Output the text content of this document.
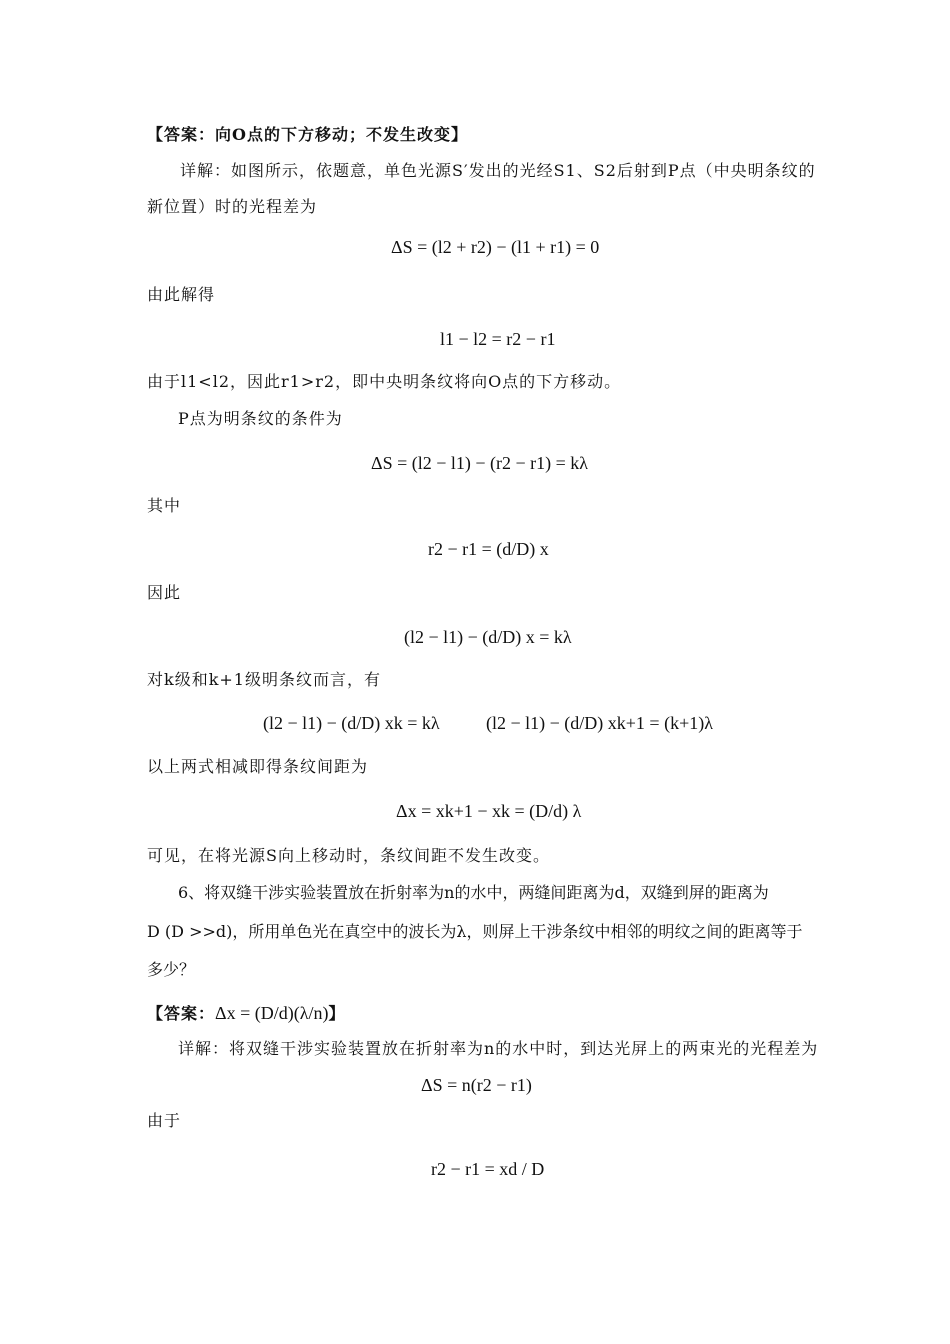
【答案：向O点的下方移动；不发生改变】
详解：如图所示，依题意，单色光源S′发出的光经S1、S2后射到P点（中央明条纹的
新位置）时的光程差为
ΔS = (l2 + r2) − (l1 + r1) = 0
由此解得
l1 − l2 = r2 − r1
由于l1<l2，因此r1>r2，即中央明条纹将向O点的下方移动。
P点为明条纹的条件为
ΔS = (l2 − l1) − (r2 − r1) = kλ
其中
r2 − r1 = (d/D) x
因此
(l2 − l1) − (d/D) x = kλ
对k级和k+1级明条纹而言，有
(l2 − l1) − (d/D) xk = kλ	(l2 − l1) − (d/D) xk+1 = (k+1)λ
以上两式相减即得条纹间距为
Δx = xk+1 − xk = (D/d) λ
可见，在将光源S向上移动时，条纹间距不发生改变。
6、将双缝干涉实验装置放在折射率为n的水中，两缝间距离为d，双缝到屏的距离为
D (D >>d)，所用单色光在真空中的波长为λ，则屏上干涉条纹中相邻的明纹之间的距离等于
多少？
【答案：Δx = (D/d)(λ/n)】
详解：将双缝干涉实验装置放在折射率为n的水中时，到达光屏上的两束光的光程差为
ΔS = n(r2 − r1)
由于
r2 − r1 = xd / D
